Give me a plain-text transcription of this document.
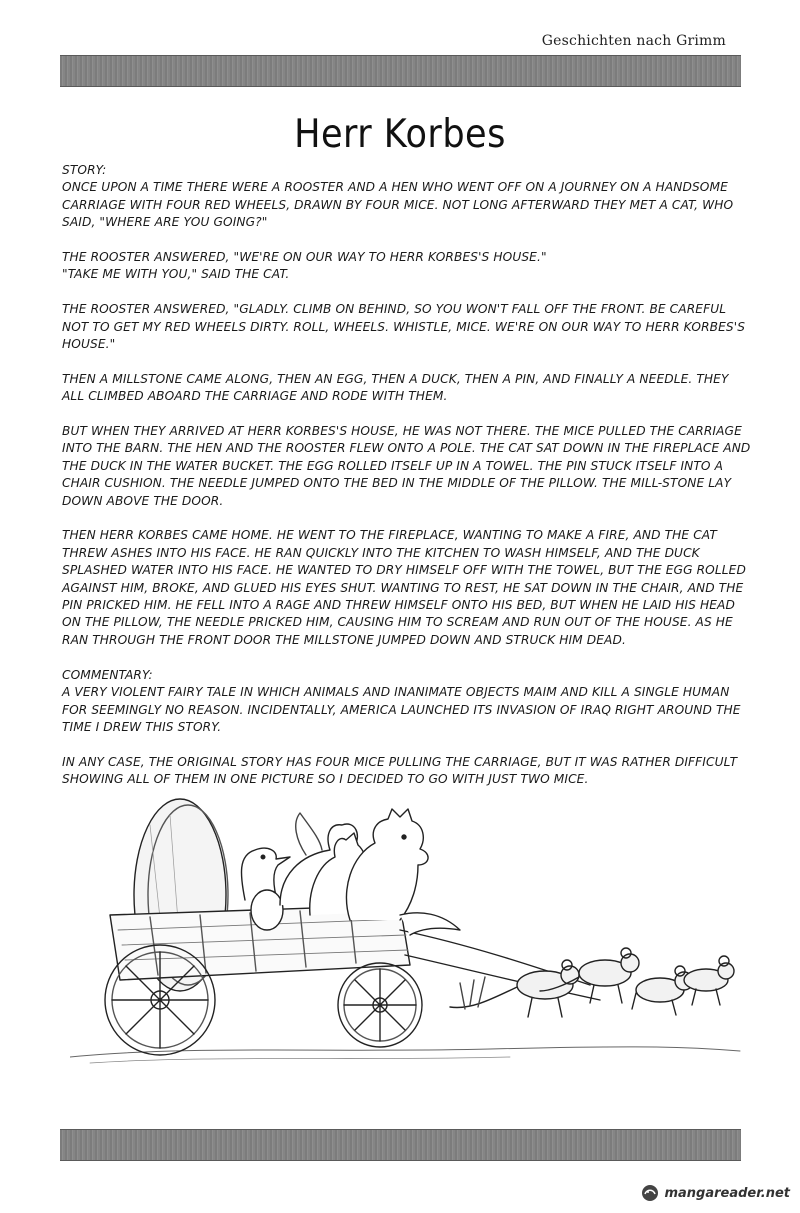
Geschichten nach Grimm
Herr Korbes

STORY:
ONCE UPON A TIME THERE WERE A ROOSTER AND A HEN WHO WENT OFF ON A JOURNEY ON A HANDSOME CARRIAGE WITH FOUR RED WHEELS, DRAWN BY FOUR MICE. NOT LONG AFTERWARD THEY MET A CAT, WHO SAID, "WHERE ARE YOU GOING?"

THE ROOSTER ANSWERED, "WE'RE ON OUR WAY TO HERR KORBES'S HOUSE."
"TAKE ME WITH YOU," SAID THE CAT.

THE ROOSTER ANSWERED, "GLADLY. CLIMB ON BEHIND, SO YOU WON'T FALL OFF THE FRONT. BE CAREFUL NOT TO GET MY RED WHEELS DIRTY. ROLL, WHEELS. WHISTLE, MICE. WE'RE ON OUR WAY TO HERR KORBES'S HOUSE."

THEN A MILLSTONE CAME ALONG, THEN AN EGG, THEN A DUCK, THEN A PIN, AND FINALLY A NEEDLE. THEY ALL CLIMBED ABOARD THE CARRIAGE AND RODE WITH THEM.

BUT WHEN THEY ARRIVED AT HERR KORBES'S HOUSE, HE WAS NOT THERE. THE MICE PULLED THE CARRIAGE INTO THE BARN. THE HEN AND THE ROOSTER FLEW ONTO A POLE. THE CAT SAT DOWN IN THE FIREPLACE AND THE DUCK IN THE WATER BUCKET. THE EGG ROLLED ITSELF UP IN A TOWEL. THE PIN STUCK ITSELF INTO A CHAIR CUSHION. THE NEEDLE JUMPED ONTO THE BED IN THE MIDDLE OF THE PILLOW. THE MILL-STONE LAY DOWN ABOVE THE DOOR.

THEN HERR KORBES CAME HOME. HE WENT TO THE FIREPLACE, WANTING TO MAKE A FIRE, AND THE CAT THREW ASHES INTO HIS FACE. HE RAN QUICKLY INTO THE KITCHEN TO WASH HIMSELF, AND THE DUCK SPLASHED WATER INTO HIS FACE. HE WANTED TO DRY HIMSELF OFF WITH THE TOWEL, BUT THE EGG ROLLED AGAINST HIM, BROKE, AND GLUED HIS EYES SHUT. WANTING TO REST, HE SAT DOWN IN THE CHAIR, AND THE PIN PRICKED HIM. HE FELL INTO A RAGE AND THREW HIMSELF ONTO HIS BED, BUT WHEN HE LAID HIS HEAD ON THE PILLOW, THE NEEDLE PRICKED HIM, CAUSING HIM TO SCREAM AND RUN OUT OF THE HOUSE. AS HE RAN THROUGH THE FRONT DOOR THE MILLSTONE JUMPED DOWN AND STRUCK HIM DEAD.

COMMENTARY:
A VERY VIOLENT FAIRY TALE IN WHICH ANIMALS AND INANIMATE OBJECTS MAIM AND KILL A SINGLE HUMAN FOR SEEMINGLY NO REASON. INCIDENTALLY, AMERICA LAUNCHED ITS INVASION OF IRAQ RIGHT AROUND THE TIME I DREW THIS STORY.

IN ANY CASE, THE ORIGINAL STORY HAS FOUR MICE PULLING THE CARRIAGE, BUT IT WAS RATHER DIFFICULT SHOWING ALL OF THEM IN ONE PICTURE SO I DECIDED TO GO WITH JUST TWO MICE.

mangareader.net
